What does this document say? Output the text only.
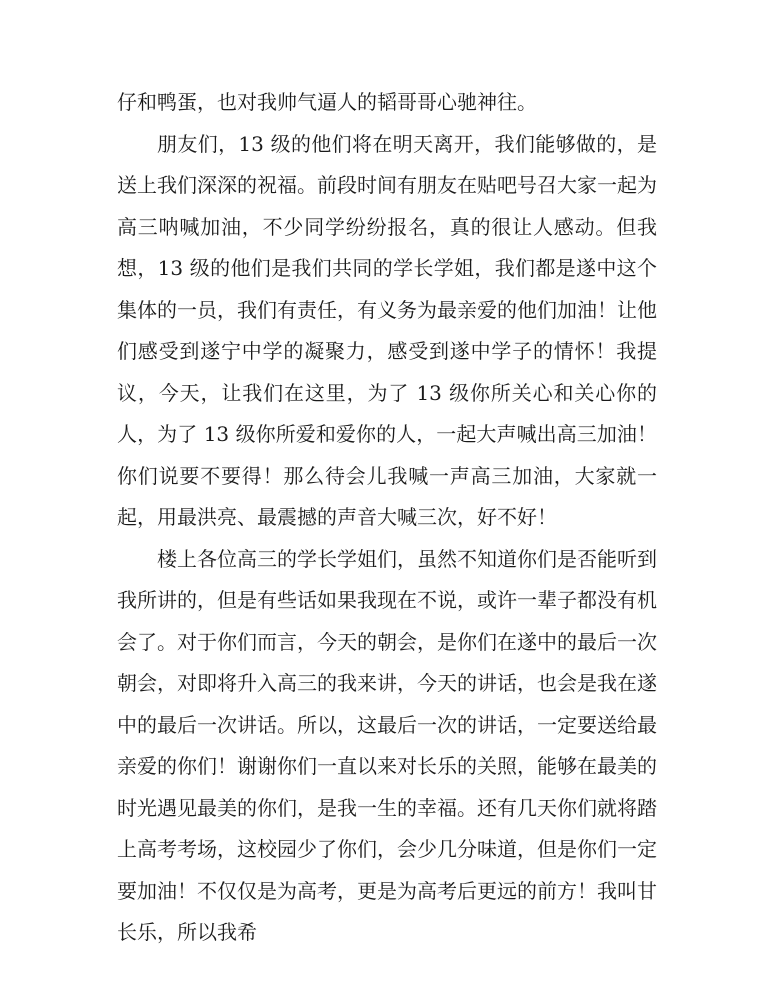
仔和鸭蛋，也对我帅气逼人的韬哥哥心驰神往。

朋友们，13 级的他们将在明天离开，我们能够做的，是送上我们深深的祝福。前段时间有朋友在贴吧号召大家一起为高三呐喊加油，不少同学纷纷报名，真的很让人感动。但我想，13 级的他们是我们共同的学长学姐，我们都是遂中这个集体的一员，我们有责任，有义务为最亲爱的他们加油！让他们感受到遂宁中学的凝聚力，感受到遂中学子的情怀！我提议，今天，让我们在这里，为了 13 级你所关心和关心你的人，为了 13 级你所爱和爱你的人，一起大声喊出高三加油！你们说要不要得！那么待会儿我喊一声高三加油，大家就一起，用最洪亮、最震撼的声音大喊三次，好不好！

楼上各位高三的学长学姐们，虽然不知道你们是否能听到我所讲的，但是有些话如果我现在不说，或许一辈子都没有机会了。对于你们而言，今天的朝会，是你们在遂中的最后一次朝会，对即将升入高三的我来讲，今天的讲话，也会是我在遂中的最后一次讲话。所以，这最后一次的讲话，一定要送给最亲爱的你们！谢谢你们一直以来对长乐的关照，能够在最美的时光遇见最美的你们，是我一生的幸福。还有几天你们就将踏上高考考场，这校园少了你们，会少几分味道，但是你们一定要加油！不仅仅是为高考，更是为高考后更远的前方！我叫甘长乐，所以我希
